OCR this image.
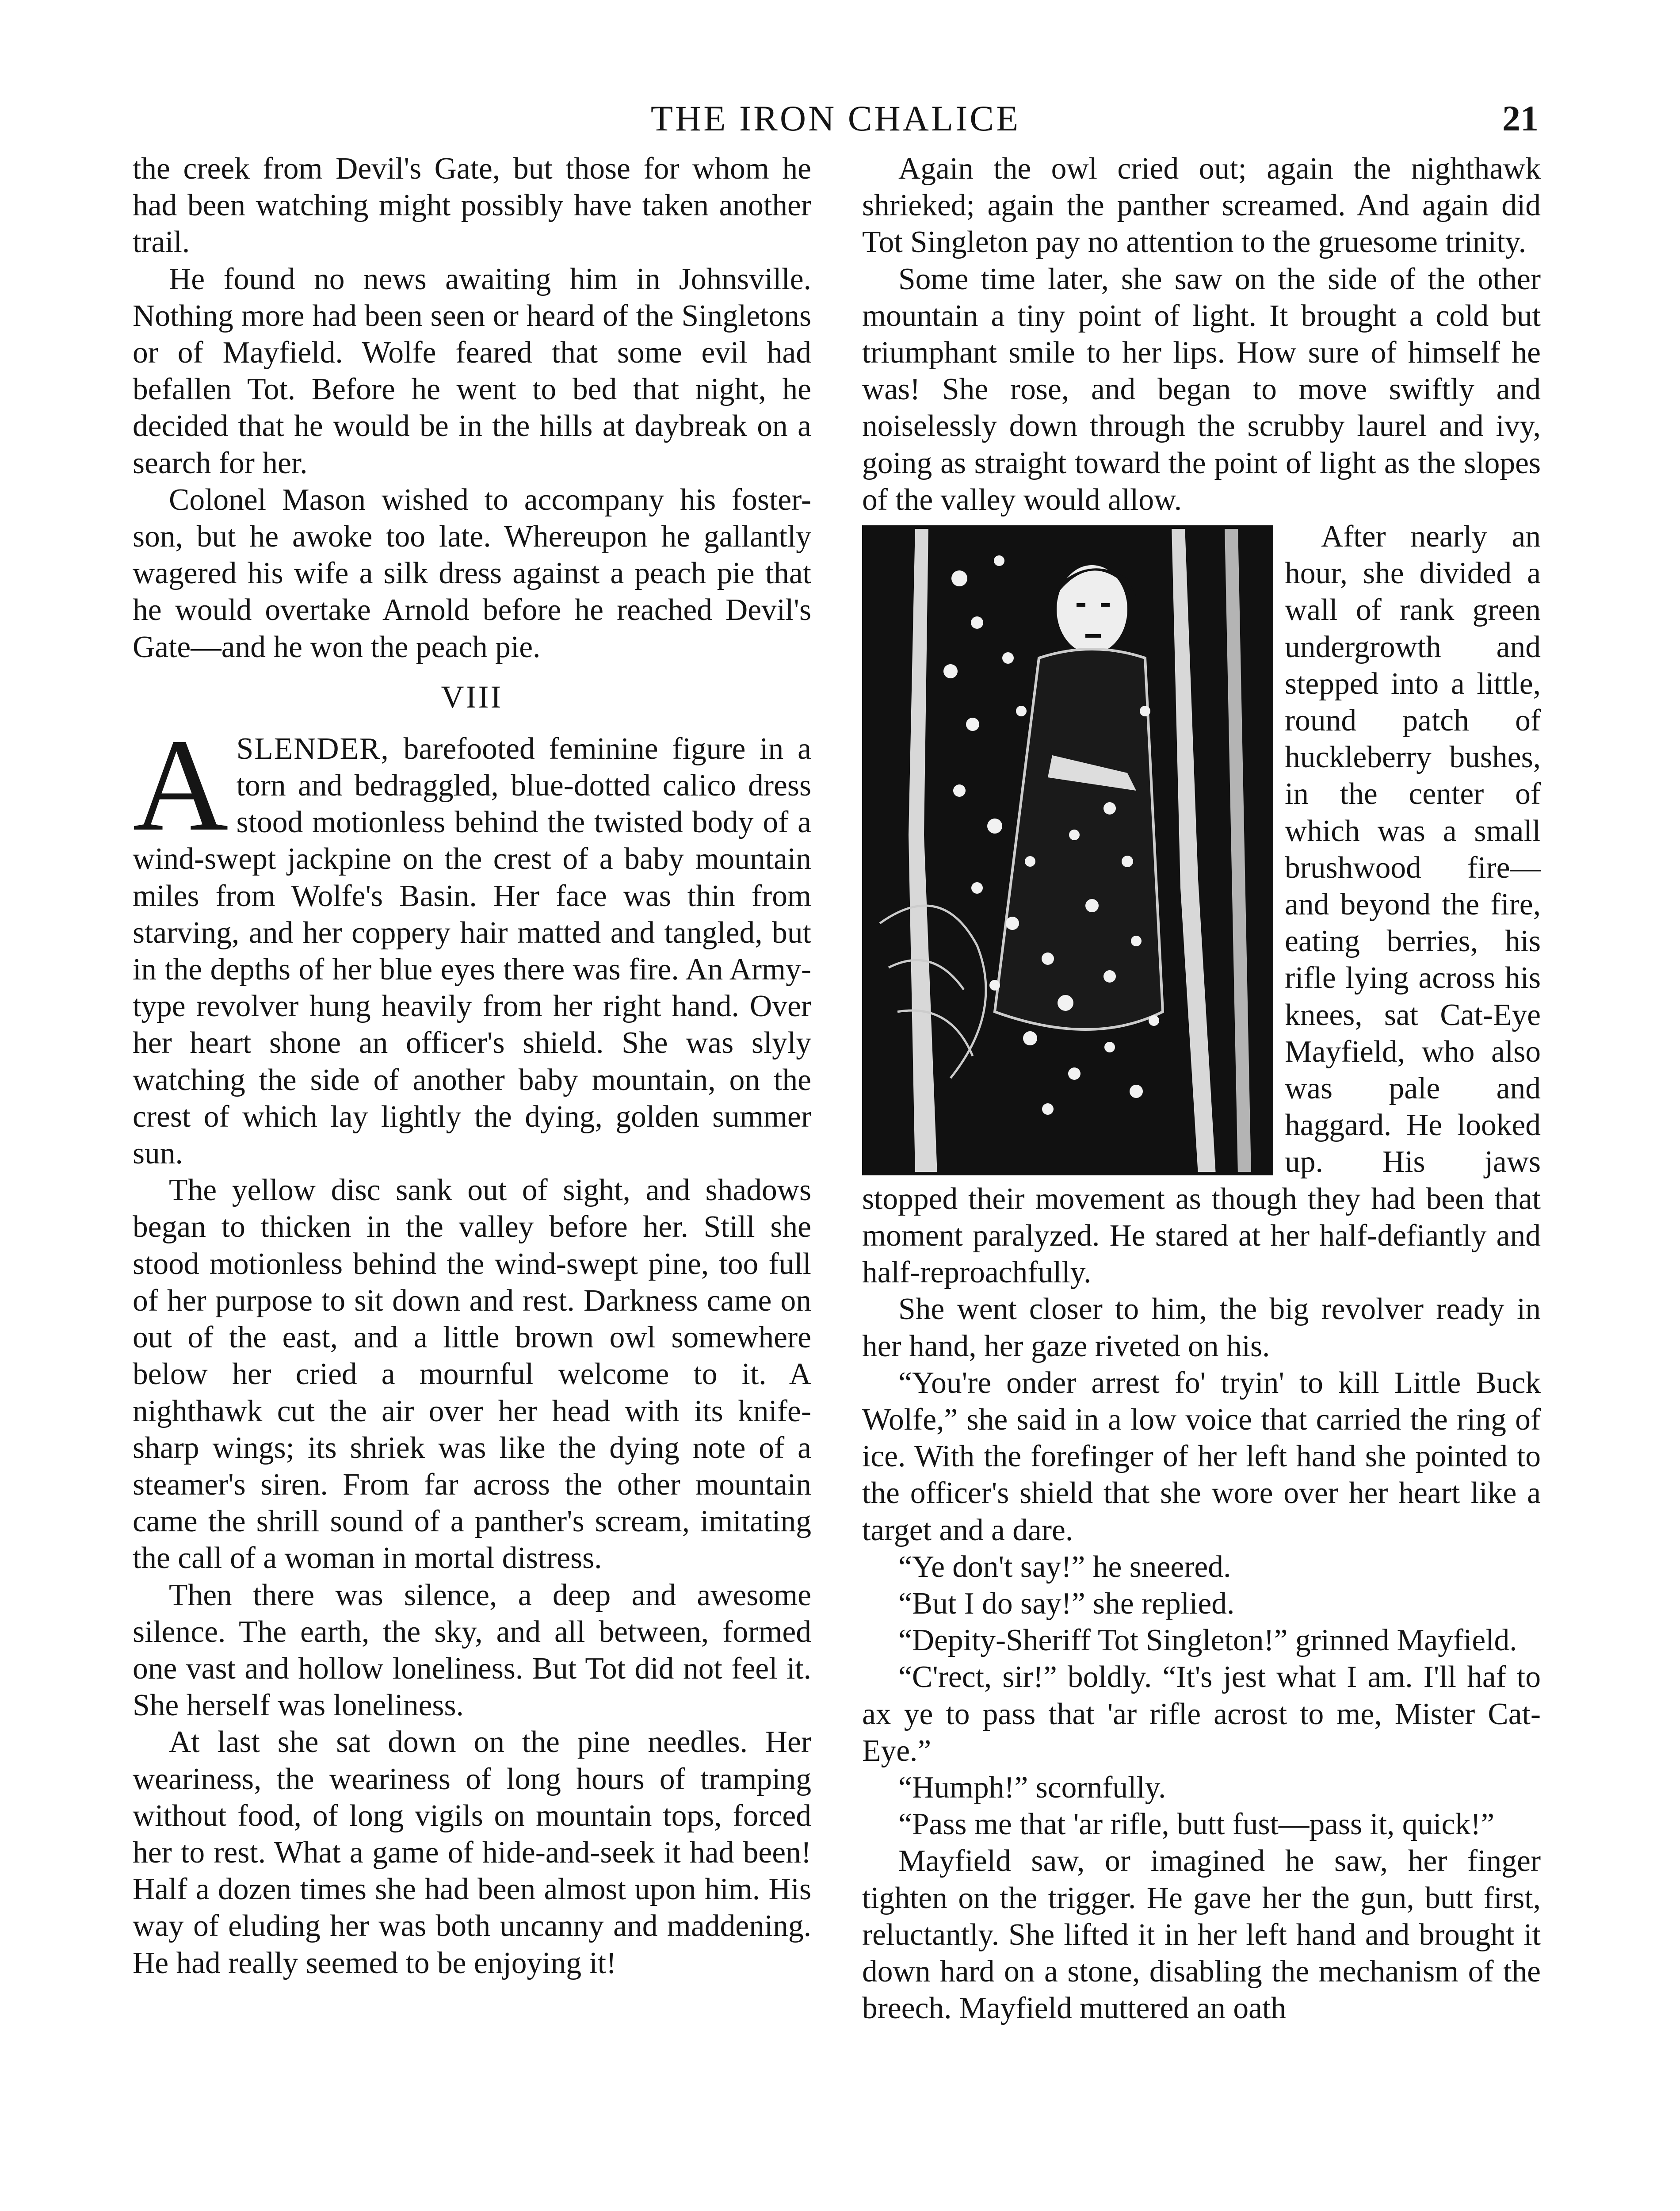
THE IRON CHALICE	21

the creek from Devil's Gate, but those for whom he had been watching might possibly have taken another trail.

He found no news awaiting him in Johnsville. Nothing more had been seen or heard of the Singletons or of Mayfield. Wolfe feared that some evil had befallen Tot. Before he went to bed that night, he decided that he would be in the hills at daybreak on a search for her.

Colonel Mason wished to accompany his foster-son, but he awoke too late. Whereupon he gallantly wagered his wife a silk dress against a peach pie that he would overtake Arnold before he reached Devil's Gate—and he won the peach pie.

VIII

ASLENDER, barefooted feminine figure in a torn and bedraggled, blue-dotted calico dress stood motionless behind the twisted body of a wind-swept jackpine on the crest of a baby mountain miles from Wolfe's Basin. Her face was thin from starving, and her coppery hair matted and tangled, but in the depths of her blue eyes there was fire. An Army-type revolver hung heavily from her right hand. Over her heart shone an officer's shield. She was slyly watching the side of another baby mountain, on the crest of which lay lightly the dying, golden summer sun.

The yellow disc sank out of sight, and shadows began to thicken in the valley before her. Still she stood motionless behind the wind-swept pine, too full of her purpose to sit down and rest. Darkness came on out of the east, and a little brown owl somewhere below her cried a mournful welcome to it. A nighthawk cut the air over her head with its knife-sharp wings; its shriek was like the dying note of a steamer's siren. From far across the other mountain came the shrill sound of a panther's scream, imitating the call of a woman in mortal distress.

Then there was silence, a deep and awesome silence. The earth, the sky, and all between, formed one vast and hollow loneliness. But Tot did not feel it. She herself was loneliness.

At last she sat down on the pine needles. Her weariness, the weariness of long hours of tramping without food, of long vigils on mountain tops, forced her to rest. What a game of hide-and-seek it had been! Half a dozen times she had been almost upon him. His way of eluding her was both uncanny and maddening. He had really seemed to be enjoying it!

Again the owl cried out; again the nighthawk shrieked; again the panther screamed. And again did Tot Singleton pay no attention to the gruesome trinity.

Some time later, she saw on the side of the other mountain a tiny point of light. It brought a cold but triumphant smile to her lips. How sure of himself he was! She rose, and began to move swiftly and noiselessly down through the scrubby laurel and ivy, going as straight toward the point of light as the slopes of the valley would allow.

After nearly an hour, she divided a wall of rank green undergrowth and stepped into a little, round patch of huckleberry bushes, in the center of which was a small brushwood fire—and beyond the fire, eating berries, his rifle lying across his knees, sat Cat-Eye Mayfield, who also was pale and haggard. He looked up. His jaws stopped their movement as though they had been that moment paralyzed. He stared at her half-defiantly and half-reproachfully.

She went closer to him, the big revolver ready in her hand, her gaze riveted on his.

“You're onder arrest fo' tryin' to kill Little Buck Wolfe,” she said in a low voice that carried the ring of ice. With the forefinger of her left hand she pointed to the officer's shield that she wore over her heart like a target and a dare.

“Ye don't say!” he sneered.

“But I do say!” she replied.

“Depity-Sheriff Tot Singleton!” grinned Mayfield.

“C'rect, sir!” boldly. “It's jest what I am. I'll haf to ax ye to pass that 'ar rifle acrost to me, Mister Cat-Eye.”

“Humph!” scornfully.

“Pass me that 'ar rifle, butt fust—pass it, quick!”

Mayfield saw, or imagined he saw, her finger tighten on the trigger. He gave her the gun, butt first, reluctantly. She lifted it in her left hand and brought it down hard on a stone, disabling the mechanism of the breech. Mayfield muttered an oath
